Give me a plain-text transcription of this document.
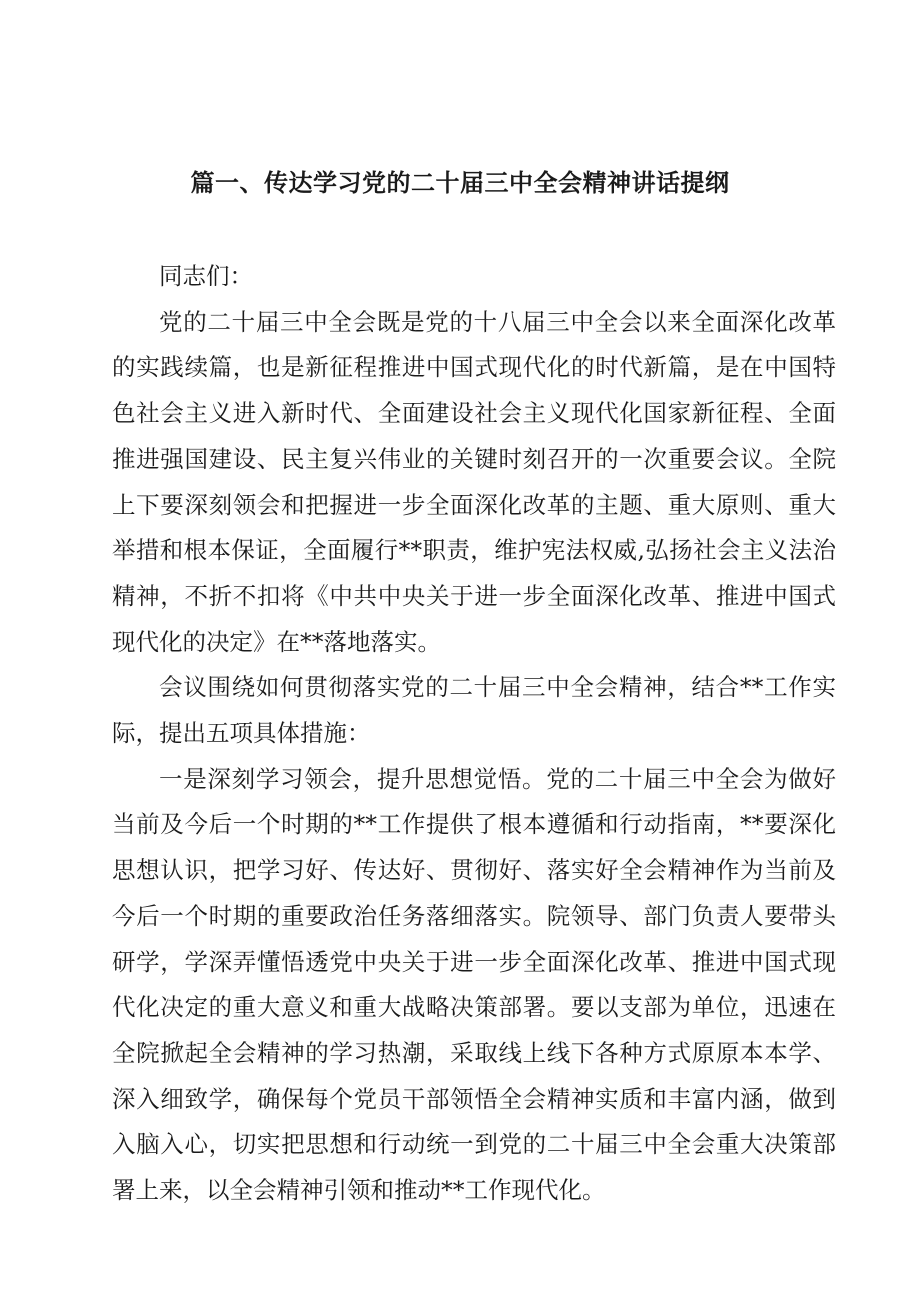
篇一、传达学习党的二十届三中全会精神讲话提纲

同志们：

党的二十届三中全会既是党的十八届三中全会以来全面深化改革的实践续篇，也是新征程推进中国式现代化的时代新篇，是在中国特色社会主义进入新时代、全面建设社会主义现代化国家新征程、全面推进强国建设、民主复兴伟业的关键时刻召开的一次重要会议。全院上下要深刻领会和把握进一步全面深化改革的主题、重大原则、重大举措和根本保证，全面履行**职责，维护宪法权威,弘扬社会主义法治精神，不折不扣将《中共中央关于进一步全面深化改革、推进中国式现代化的决定》在**落地落实。

会议围绕如何贯彻落实党的二十届三中全会精神，结合**工作实际，提出五项具体措施：

一是深刻学习领会，提升思想觉悟。党的二十届三中全会为做好当前及今后一个时期的**工作提供了根本遵循和行动指南，**要深化思想认识，把学习好、传达好、贯彻好、落实好全会精神作为当前及今后一个时期的重要政治任务落细落实。院领导、部门负责人要带头研学，学深弄懂悟透党中央关于进一步全面深化改革、推进中国式现代化决定的重大意义和重大战略决策部署。要以支部为单位，迅速在全院掀起全会精神的学习热潮，采取线上线下各种方式原原本本学、深入细致学，确保每个党员干部领悟全会精神实质和丰富内涵，做到入脑入心，切实把思想和行动统一到党的二十届三中全会重大决策部署上来，以全会精神引领和推动**工作现代化。
